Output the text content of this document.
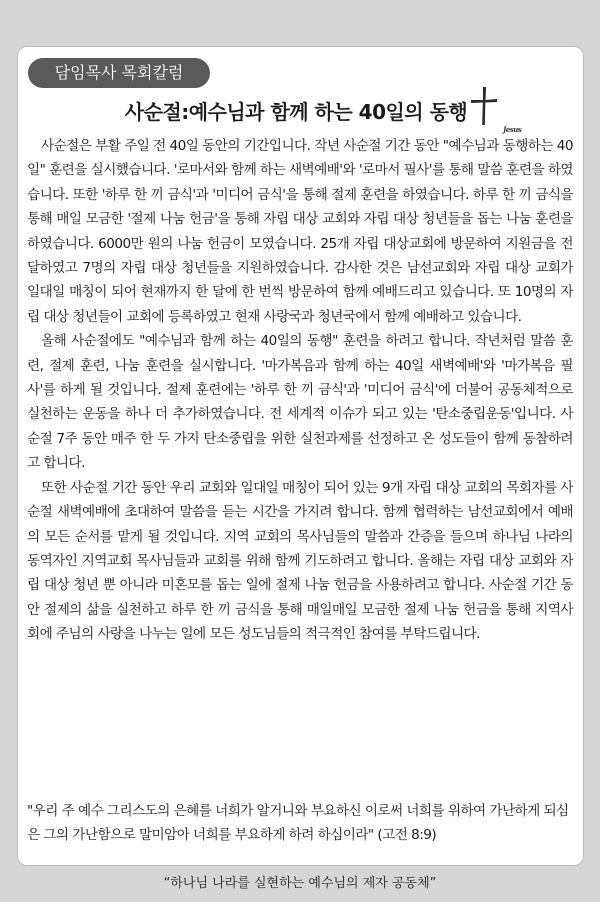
담임목사 목회칼럼
사순절:예수님과 함께 하는 40일의 동행
Jesus

사순절은 부활 주일 전 40일 동안의 기간입니다. 작년 사순절 기간 동안 "예수님과 동행하는 40일" 훈련을 실시했습니다. '로마서와 함께 하는 새벽예배'와 '로마서 필사'를 통해 말씀 훈련을 하였습니다. 또한 '하루 한 끼 금식'과 '미디어 금식'을 통해 절제 훈련을 하였습니다. 하루 한 끼 금식을 통해 매일 모금한 '절제 나눔 헌금'을 통해 자립 대상 교회와 자립 대상 청년들을 돕는 나눔 훈련을 하였습니다. 6000만 원의 나눔 헌금이 모였습니다. 25개 자립 대상교회에 방문하여 지원금을 전달하였고 7명의 자립 대상 청년들을 지원하였습니다. 감사한 것은 남선교회와 자립 대상 교회가 일대일 매칭이 되어 현재까지 한 달에 한 번씩 방문하여 함께 예배드리고 있습니다. 또 10명의 자립 대상 청년들이 교회에 등록하였고 현재 사랑국과 청년국에서 함께 예배하고 있습니다.

올해 사순절에도 "예수님과 함께 하는 40일의 동행" 훈련을 하려고 합니다. 작년처럼 말씀 훈련, 절제 훈련, 나눔 훈련을 실시합니다. '마가복음과 함께 하는 40일 새벽예배'와 '마가복음 필사'를 하게 될 것입니다. 절제 훈련에는 '하루 한 끼 금식'과 '미디어 금식'에 더불어 공동체적으로 실천하는 운동을 하나 더 추가하였습니다. 전 세계적 이슈가 되고 있는 '탄소중립운동'입니다. 사순절 7주 동안 매주 한 두 가지 탄소중립을 위한 실천과제를 선정하고 온 성도들이 함께 동참하려고 합니다.

또한 사순절 기간 동안 우리 교회와 일대일 매칭이 되어 있는 9개 자립 대상 교회의 목회자를 사순절 새벽예배에 초대하여 말씀을 듣는 시간을 가지려 합니다. 함께 협력하는 남선교회에서 예배의 모든 순서를 맡게 될 것입니다. 지역 교회의 목사님들의 말씀과 간증을 들으며 하나님 나라의 동역자인 지역교회 목사님들과 교회를 위해 함께 기도하려고 합니다. 올해는 자립 대상 교회와 자립 대상 청년 뿐 아니라 미혼모를 돕는 일에 절제 나눔 헌금을 사용하려고 합니다. 사순절 기간 동안 절제의 삶을 실천하고 하루 한 끼 금식을 통해 매일매일 모금한 절제 나눔 헌금을 통해 지역사회에 주님의 사랑을 나누는 일에 모든 성도님들의 적극적인 참여를 부탁드립니다.

"우리 주 예수 그리스도의 은혜를 너희가 알거니와 부요하신 이로써 너희를 위하여 가난하게 되심은 그의 가난함으로 말미암아 너희를 부요하게 하려 하심이라" (고전 8:9)

“하나님 나라를 실현하는 예수님의 제자 공동체”
